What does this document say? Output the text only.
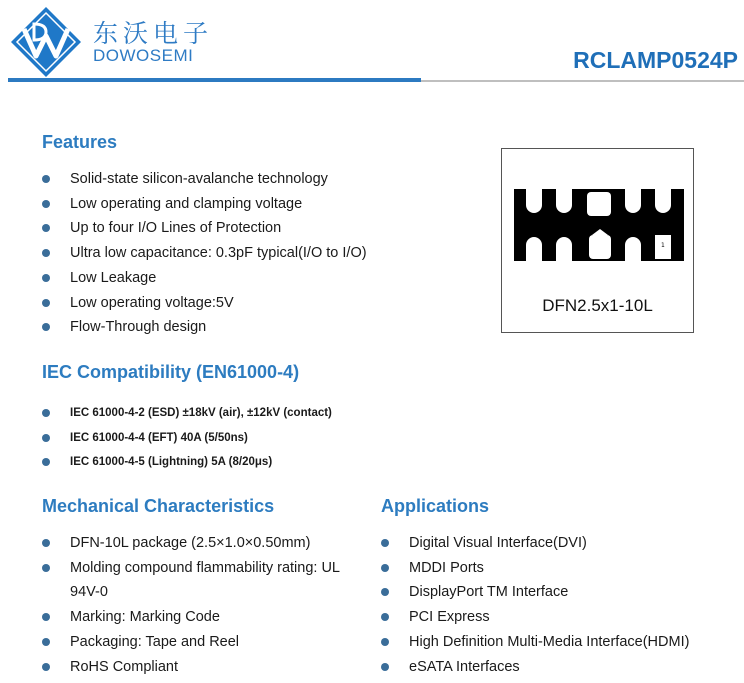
东沃电子
DOWOSEMI	RCLAMP0524P
Features
Solid-state silicon-avalanche technology
Low operating and clamping voltage
Up to four I/O Lines of Protection
Ultra low capacitance: 0.3pF typical(I/O to I/O)
Low Leakage
Low operating voltage:5V
Flow-Through design
1
DFN2.5x1-10L
IEC Compatibility (EN61000-4)
IEC 61000-4-2 (ESD) ±18kV (air), ±12kV (contact)
IEC 61000-4-4 (EFT) 40A (5/50ns)
IEC 61000-4-5 (Lightning) 5A (8/20μs)
Mechanical Characteristics
DFN-10L package (2.5×1.0×0.50mm)
Molding compound flammability rating: UL 94V-0
Marking: Marking Code
Packaging: Tape and Reel
RoHS Compliant
Applications
Digital Visual Interface(DVI)
MDDI Ports
DisplayPort TM Interface
PCI Express
High Definition Multi-Media Interface(HDMI)
eSATA Interfaces
